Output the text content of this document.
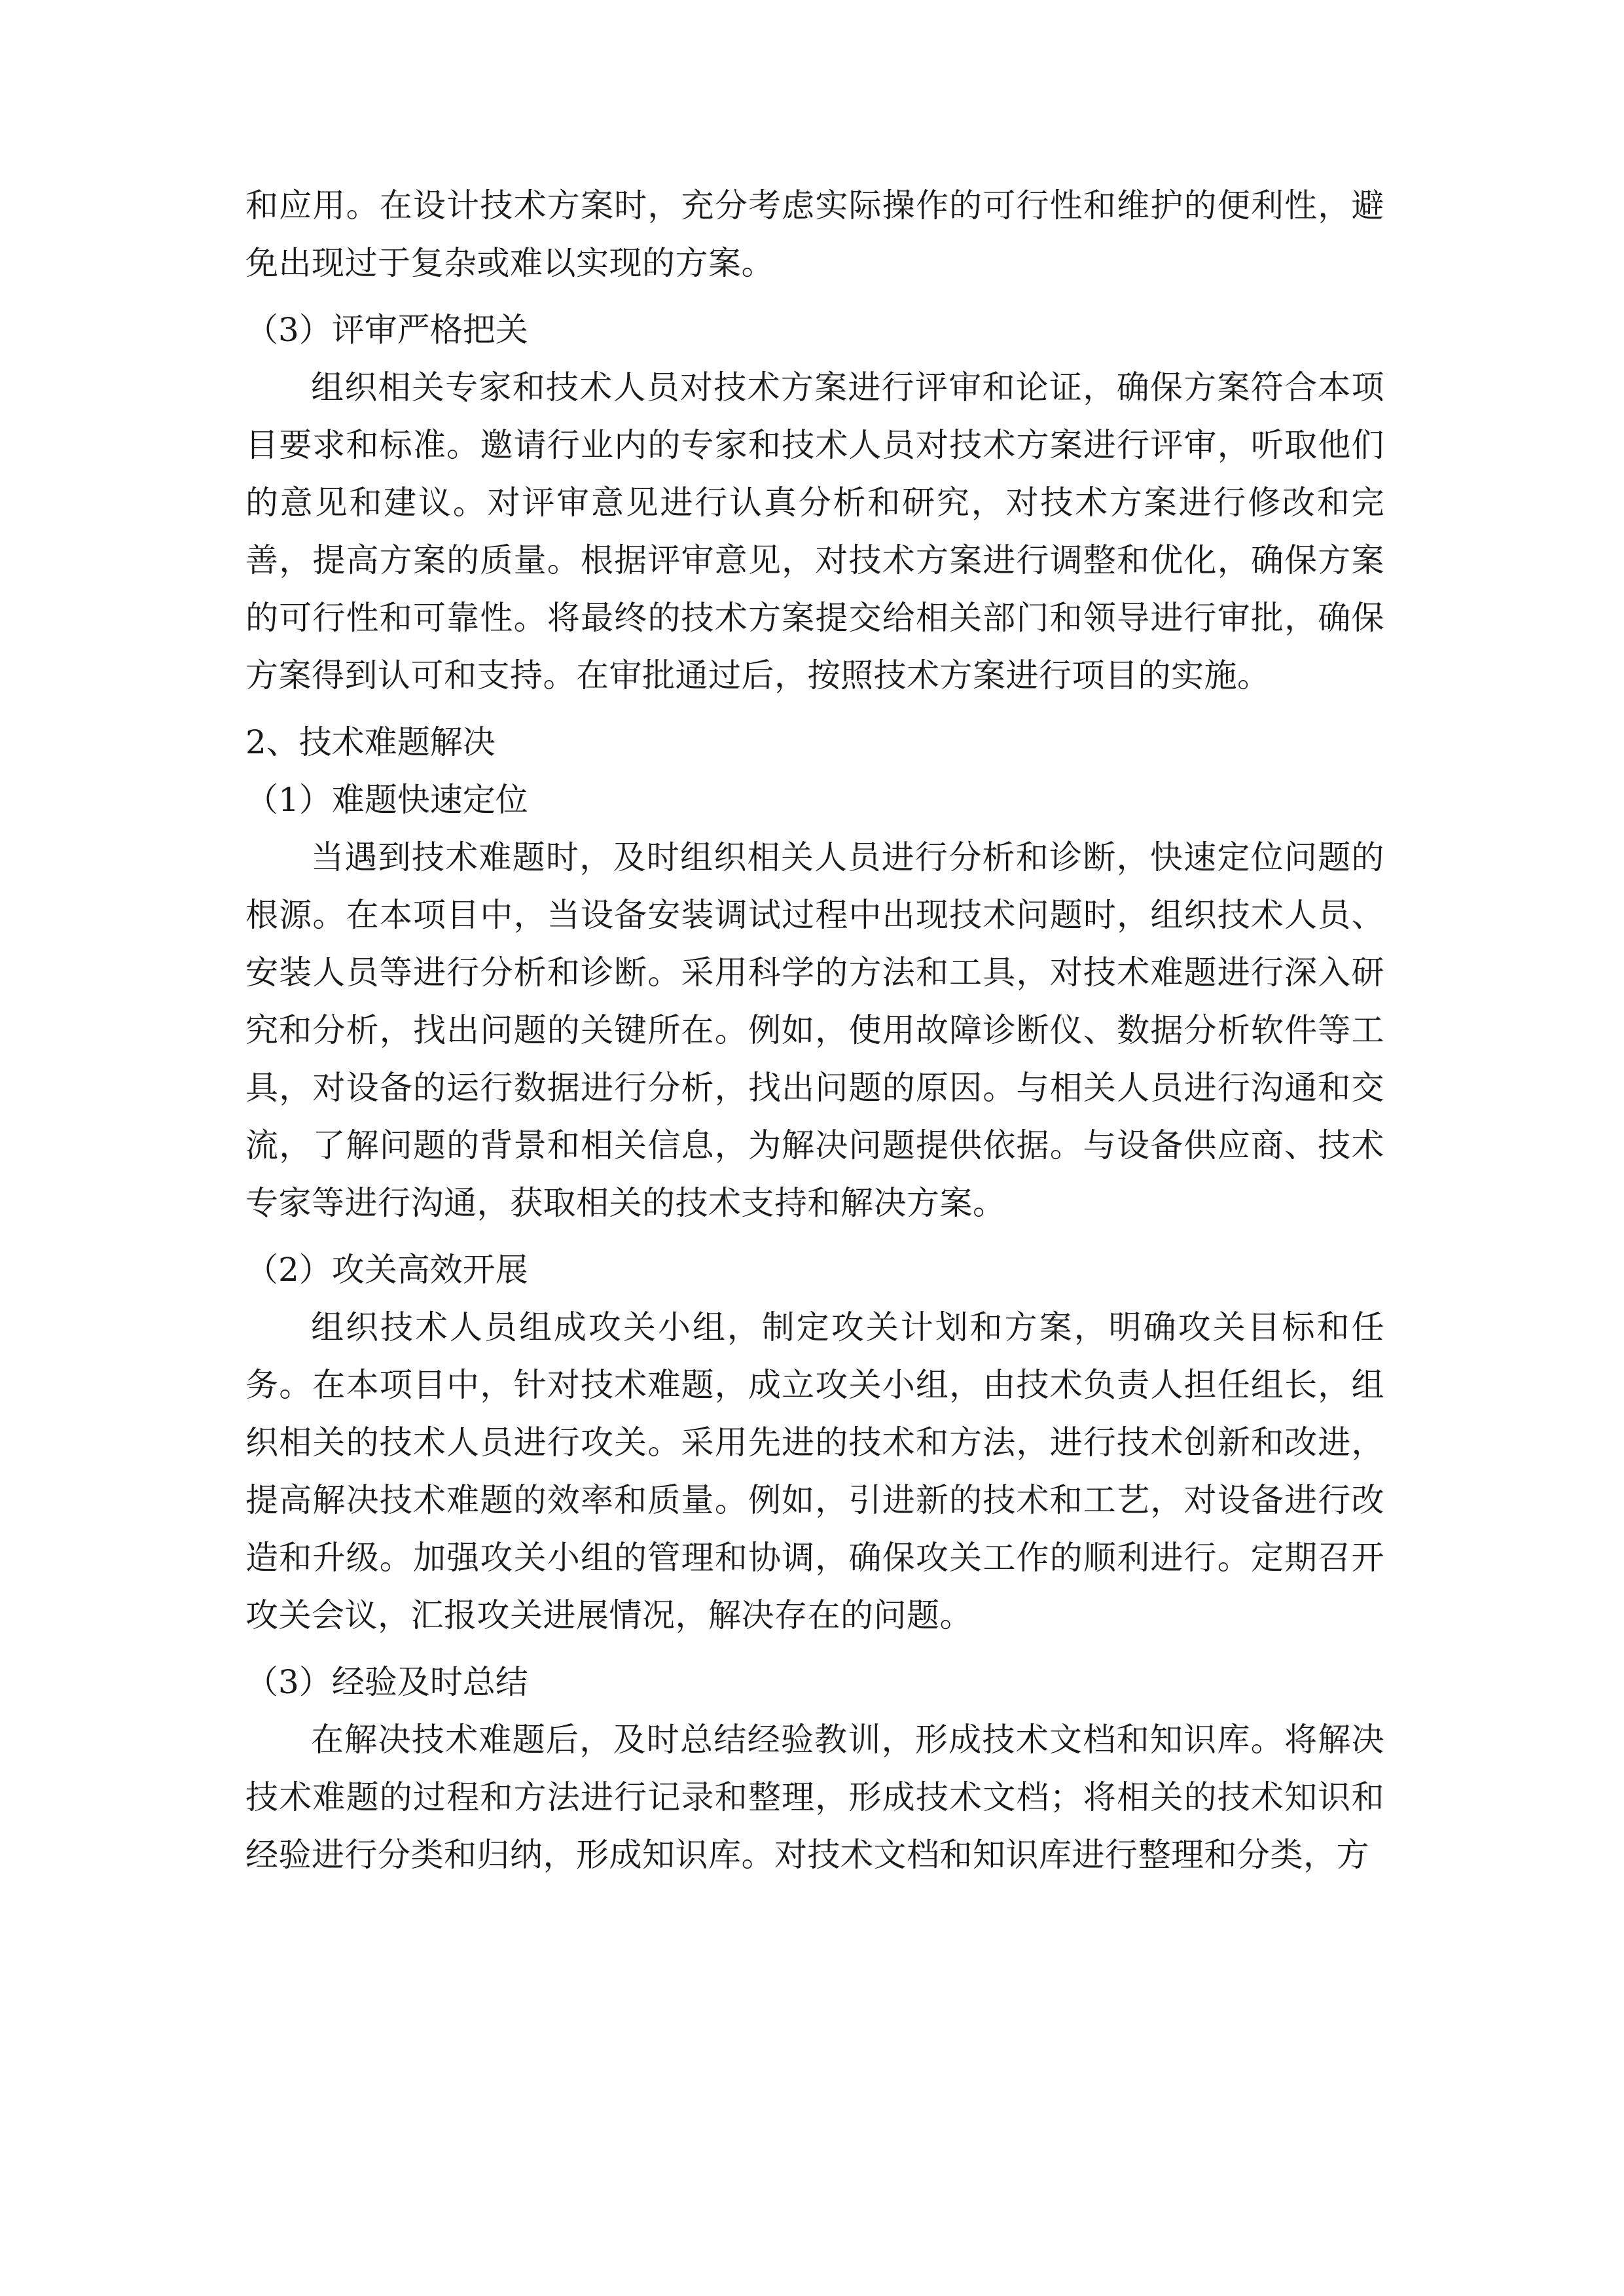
和应用。在设计技术方案时，充分考虑实际操作的可行性和维护的便利性，避免出现过于复杂或难以实现的方案。

（3）评审严格把关

组织相关专家和技术人员对技术方案进行评审和论证，确保方案符合本项目要求和标准。邀请行业内的专家和技术人员对技术方案进行评审，听取他们的意见和建议。对评审意见进行认真分析和研究，对技术方案进行修改和完善，提高方案的质量。根据评审意见，对技术方案进行调整和优化，确保方案的可行性和可靠性。将最终的技术方案提交给相关部门和领导进行审批，确保方案得到认可和支持。在审批通过后，按照技术方案进行项目的实施。

2、技术难题解决

（1）难题快速定位

当遇到技术难题时，及时组织相关人员进行分析和诊断，快速定位问题的根源。在本项目中，当设备安装调试过程中出现技术问题时，组织技术人员、安装人员等进行分析和诊断。采用科学的方法和工具，对技术难题进行深入研究和分析，找出问题的关键所在。例如，使用故障诊断仪、数据分析软件等工具，对设备的运行数据进行分析，找出问题的原因。与相关人员进行沟通和交流，了解问题的背景和相关信息，为解决问题提供依据。与设备供应商、技术专家等进行沟通，获取相关的技术支持和解决方案。

（2）攻关高效开展

组织技术人员组成攻关小组，制定攻关计划和方案，明确攻关目标和任务。在本项目中，针对技术难题，成立攻关小组，由技术负责人担任组长，组织相关的技术人员进行攻关。采用先进的技术和方法，进行技术创新和改进，提高解决技术难题的效率和质量。例如，引进新的技术和工艺，对设备进行改造和升级。加强攻关小组的管理和协调，确保攻关工作的顺利进行。定期召开攻关会议，汇报攻关进展情况，解决存在的问题。

（3）经验及时总结

在解决技术难题后，及时总结经验教训，形成技术文档和知识库。将解决技术难题的过程和方法进行记录和整理，形成技术文档；将相关的技术知识和经验进行分类和归纳，形成知识库。对技术文档和知识库进行整理和分类，方
